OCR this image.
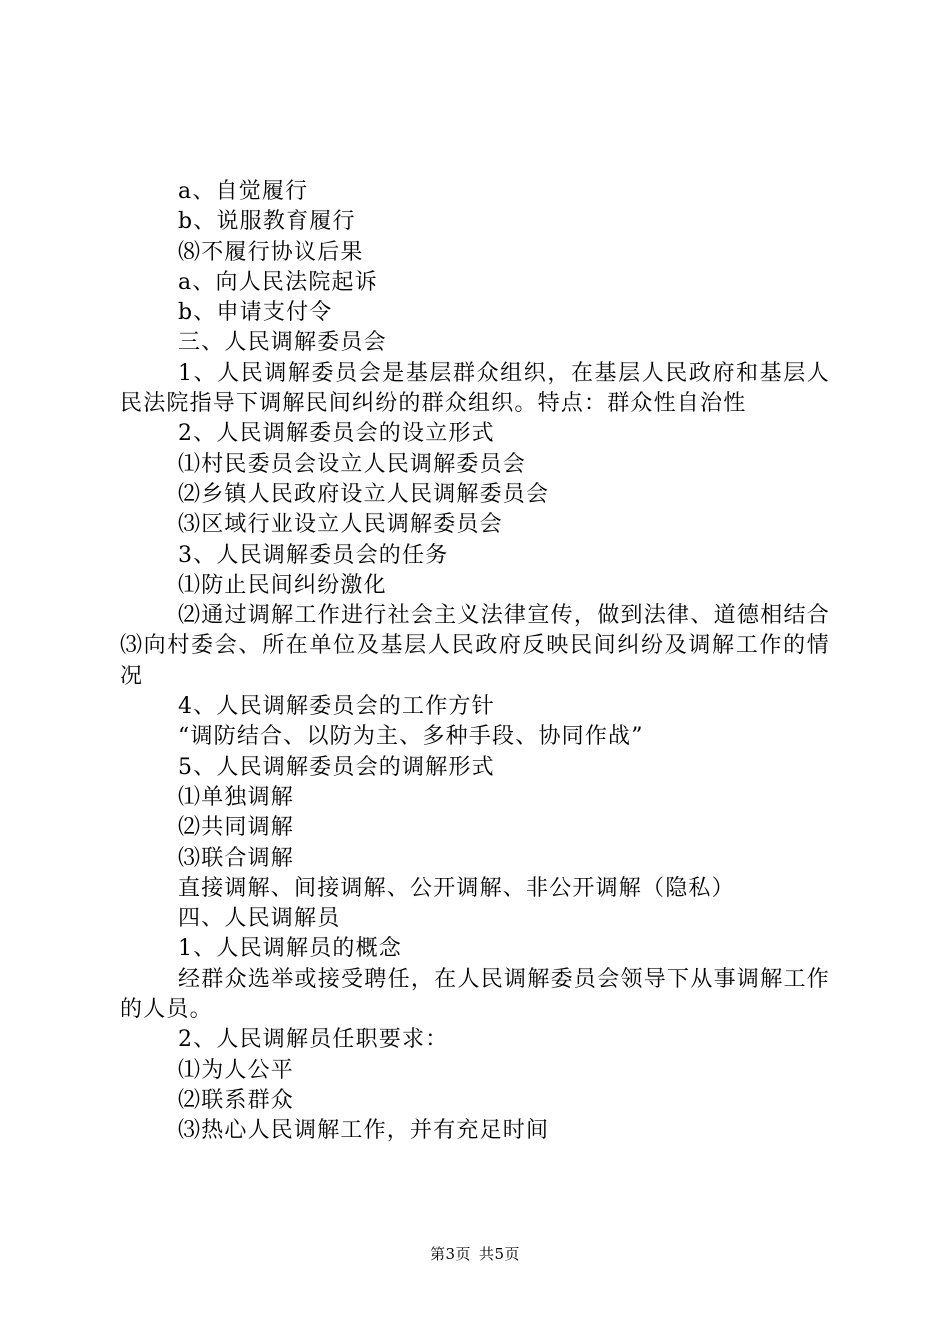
a、自觉履行

b、说服教育履行

⑻不履行协议后果

a、向人民法院起诉

b、申请支付令

三、人民调解委员会

1、人民调解委员会是基层群众组织，在基层人民政府和基层人民法院指导下调解民间纠纷的群众组织。特点：群众性自治性

2、人民调解委员会的设立形式

⑴村民委员会设立人民调解委员会

⑵乡镇人民政府设立人民调解委员会

⑶区域行业设立人民调解委员会

3、人民调解委员会的任务

⑴防止民间纠纷激化

⑵通过调解工作进行社会主义法律宣传，做到法律、道德相结合⑶向村委会、所在单位及基层人民政府反映民间纠纷及调解工作的情况

4、人民调解委员会的工作方针

“调防结合、以防为主、多种手段、协同作战”

5、人民调解委员会的调解形式

⑴单独调解

⑵共同调解

⑶联合调解

直接调解、间接调解、公开调解、非公开调解（隐私）

四、人民调解员

1、人民调解员的概念

经群众选举或接受聘任，在人民调解委员会领导下从事调解工作的人员。

2、人民调解员任职要求：

⑴为人公平

⑵联系群众

⑶热心人民调解工作，并有充足时间

第3页 共5页
